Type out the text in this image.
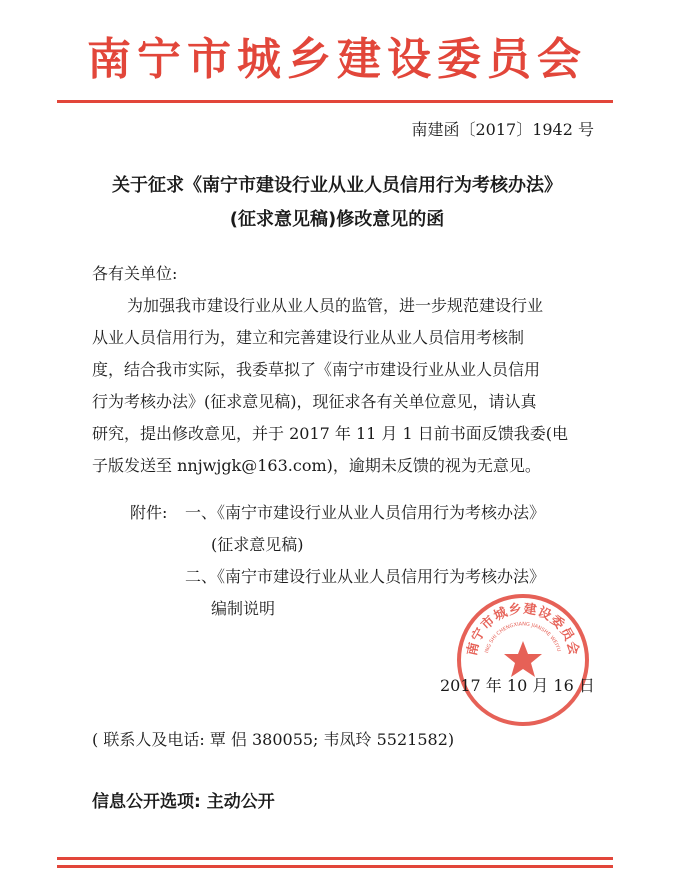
南宁市城乡建设委员会
南建函〔2017〕1942 号
关于征求《南宁市建设行业从业人员信用行为考核办法》
(征求意见稿)修改意见的函
各有关单位:
为加强我市建设行业从业人员的监管，进一步规范建设行业
从业人员信用行为，建立和完善建设行业从业人员信用考核制
度，结合我市实际，我委草拟了《南宁市建设行业从业人员信用
行为考核办法》(征求意见稿)，现征求各有关单位意见，请认真
研究，提出修改意见，并于 2017 年 11 月 1 日前书面反馈我委(电
子版发送至 nnjwjgk@163.com)，逾期未反馈的视为无意见。
附件: 一、《南宁市建设行业从业人员信用行为考核办法》
(征求意见稿)
二、《南宁市建设行业从业人员信用行为考核办法》
编制说明
南宁市城乡建设委员会
ING SHI CHENGXIANG JIANSHE WEIYU
2017 年 10 月 16 日
( 联系人及电话: 覃 侣 380055; 韦凤玲 5521582)
信息公开选项: 主动公开
